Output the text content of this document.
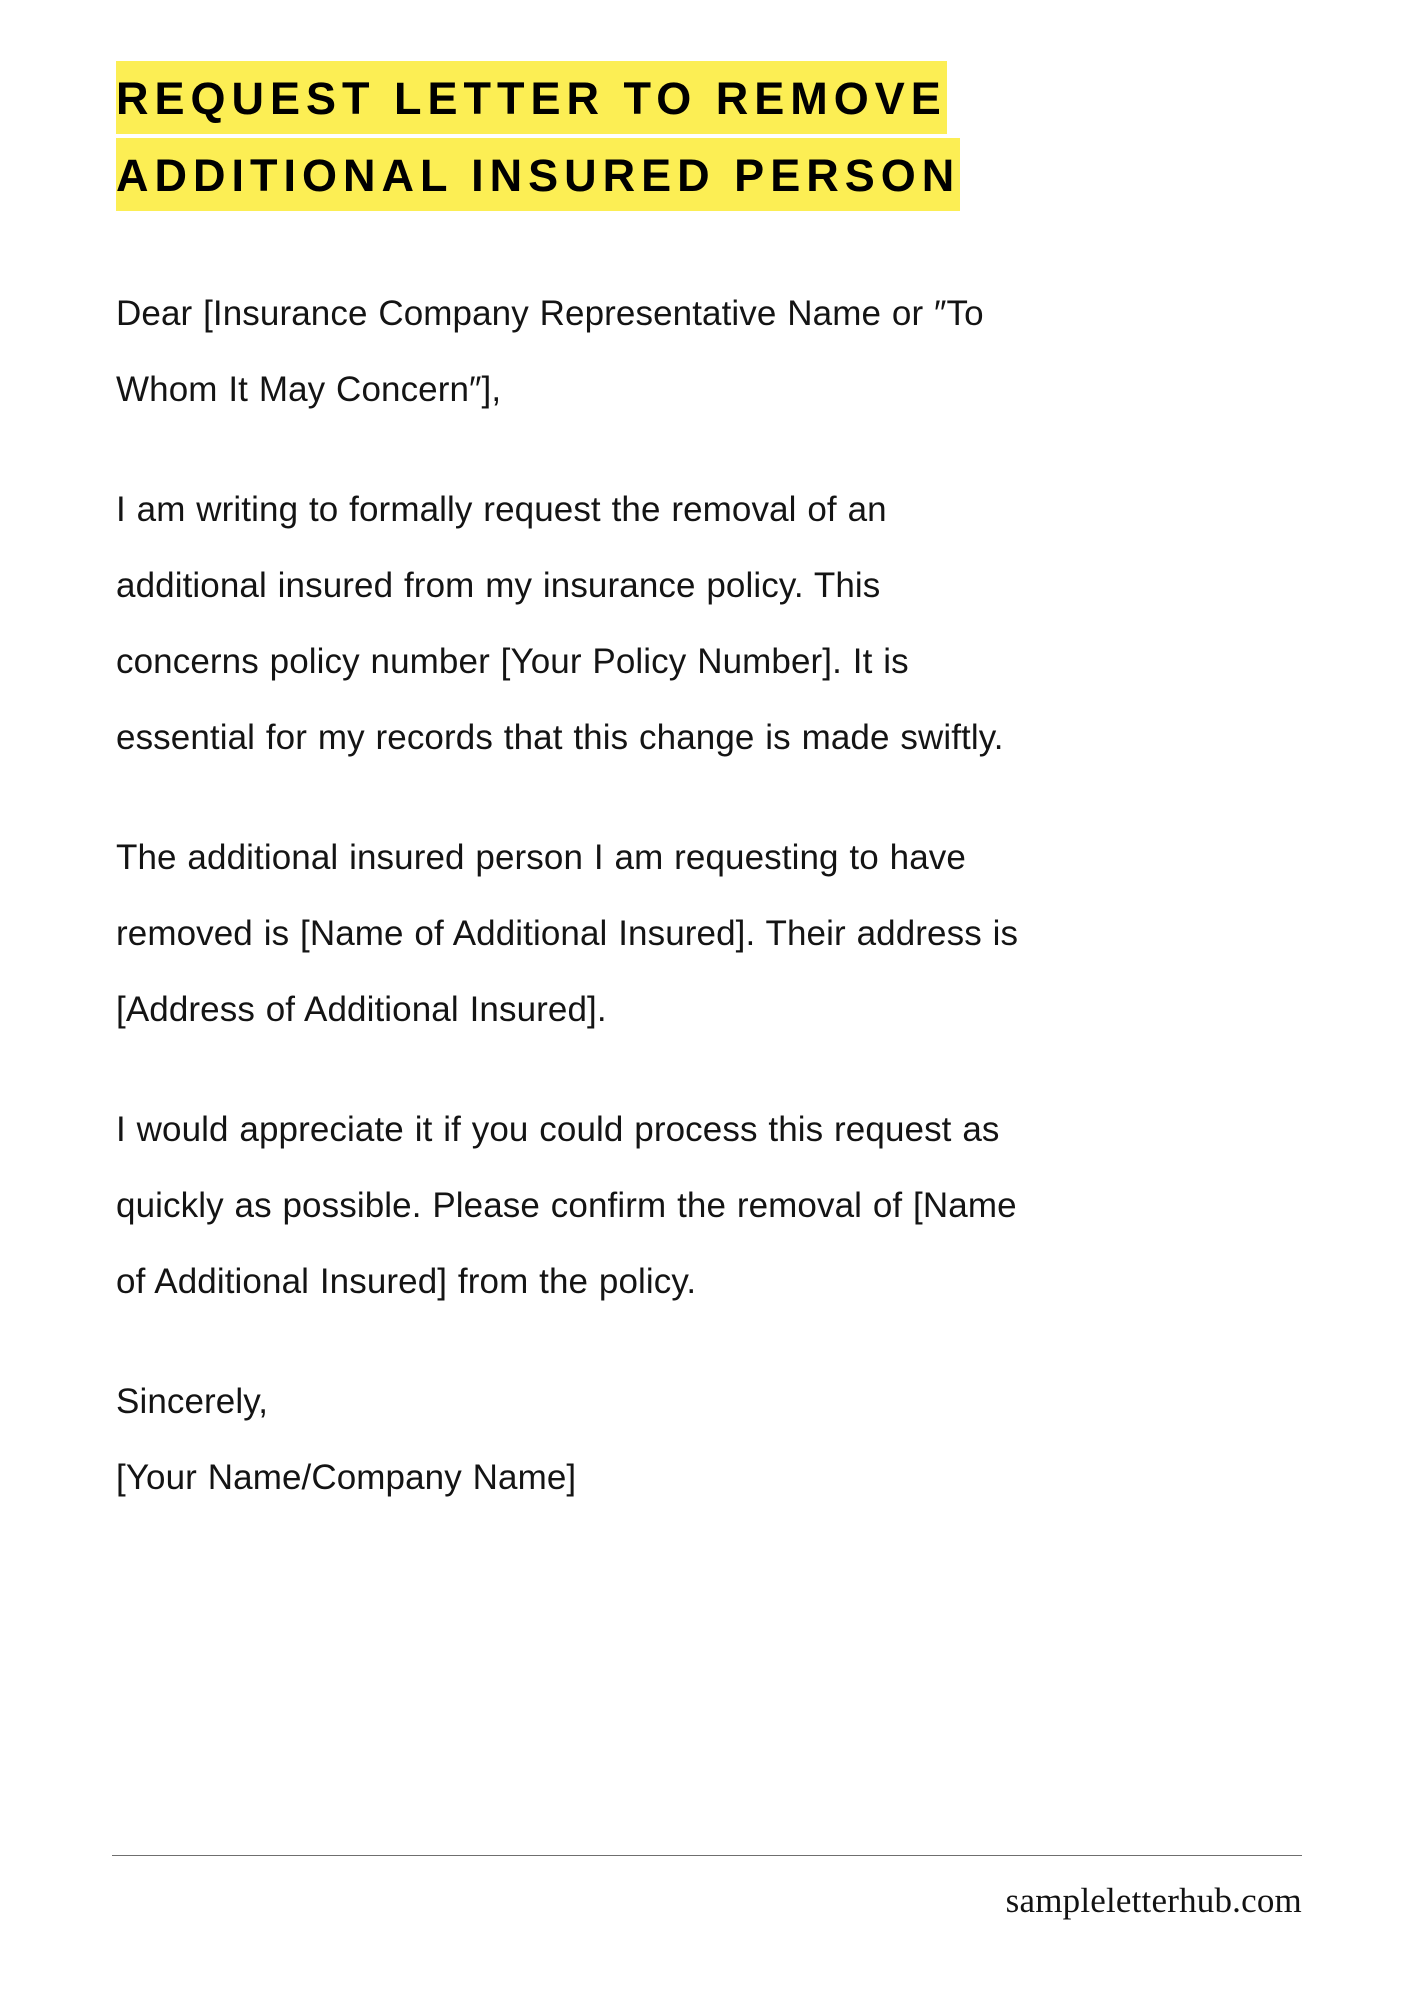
REQUEST LETTER TO REMOVE
ADDITIONAL INSURED PERSON

Dear [Insurance Company Representative Name or ″To
Whom It May Concern″],

I am writing to formally request the removal of an
additional insured from my insurance policy. This
concerns policy number [Your Policy Number]. It is
essential for my records that this change is made swiftly.

The additional insured person I am requesting to have
removed is [Name of Additional Insured]. Their address is
[Address of Additional Insured].

I would appreciate it if you could process this request as
quickly as possible. Please confirm the removal of [Name
of Additional Insured] from the policy.

Sincerely,
[Your Name/Company Name]

sampleletterhub.com
